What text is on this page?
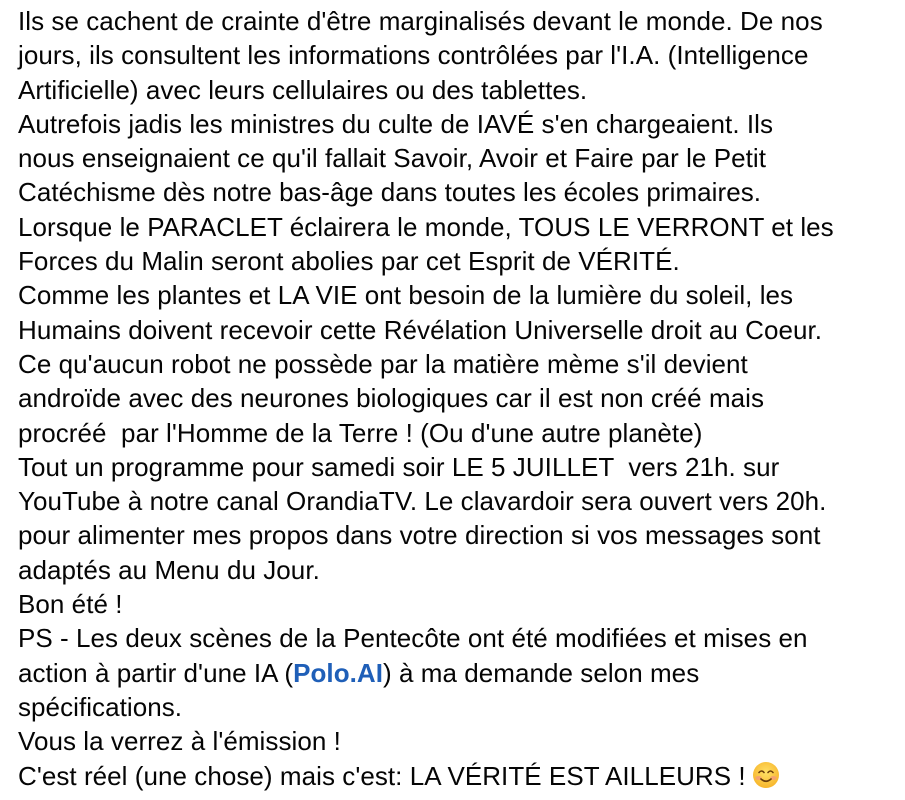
Ils se cachent de crainte d'être marginalisés devant le monde. De nos
jours, ils consultent les informations contrôlées par l'I.A. (Intelligence
Artificielle) avec leurs cellulaires ou des tablettes.
Autrefois jadis les ministres du culte de IAVÉ s'en chargeaient. Ils
nous enseignaient ce qu'il fallait Savoir, Avoir et Faire par le Petit
Catéchisme dès notre bas-âge dans toutes les écoles primaires.
Lorsque le PARACLET éclairera le monde, TOUS LE VERRONT et les
Forces du Malin seront abolies par cet Esprit de VÉRITÉ.
Comme les plantes et LA VIE ont besoin de la lumière du soleil, les
Humains doivent recevoir cette Révélation Universelle droit au Coeur.
Ce qu'aucun robot ne possède par la matière mème s'il devient
androïde avec des neurones biologiques car il est non créé mais
procréé  par l'Homme de la Terre ! (Ou d'une autre planète)
Tout un programme pour samedi soir LE 5 JUILLET  vers 21h. sur
YouTube à notre canal OrandiaTV. Le clavardoir sera ouvert vers 20h.
pour alimenter mes propos dans votre direction si vos messages sont
adaptés au Menu du Jour.
Bon été !
PS - Les deux scènes de la Pentecôte ont été modifiées et mises en
action à partir d'une IA (Polo.AI) à ma demande selon mes
spécifications.
Vous la verrez à l'émission !
C'est réel (une chose) mais c'est: LA VÉRITÉ EST AILLEURS !
